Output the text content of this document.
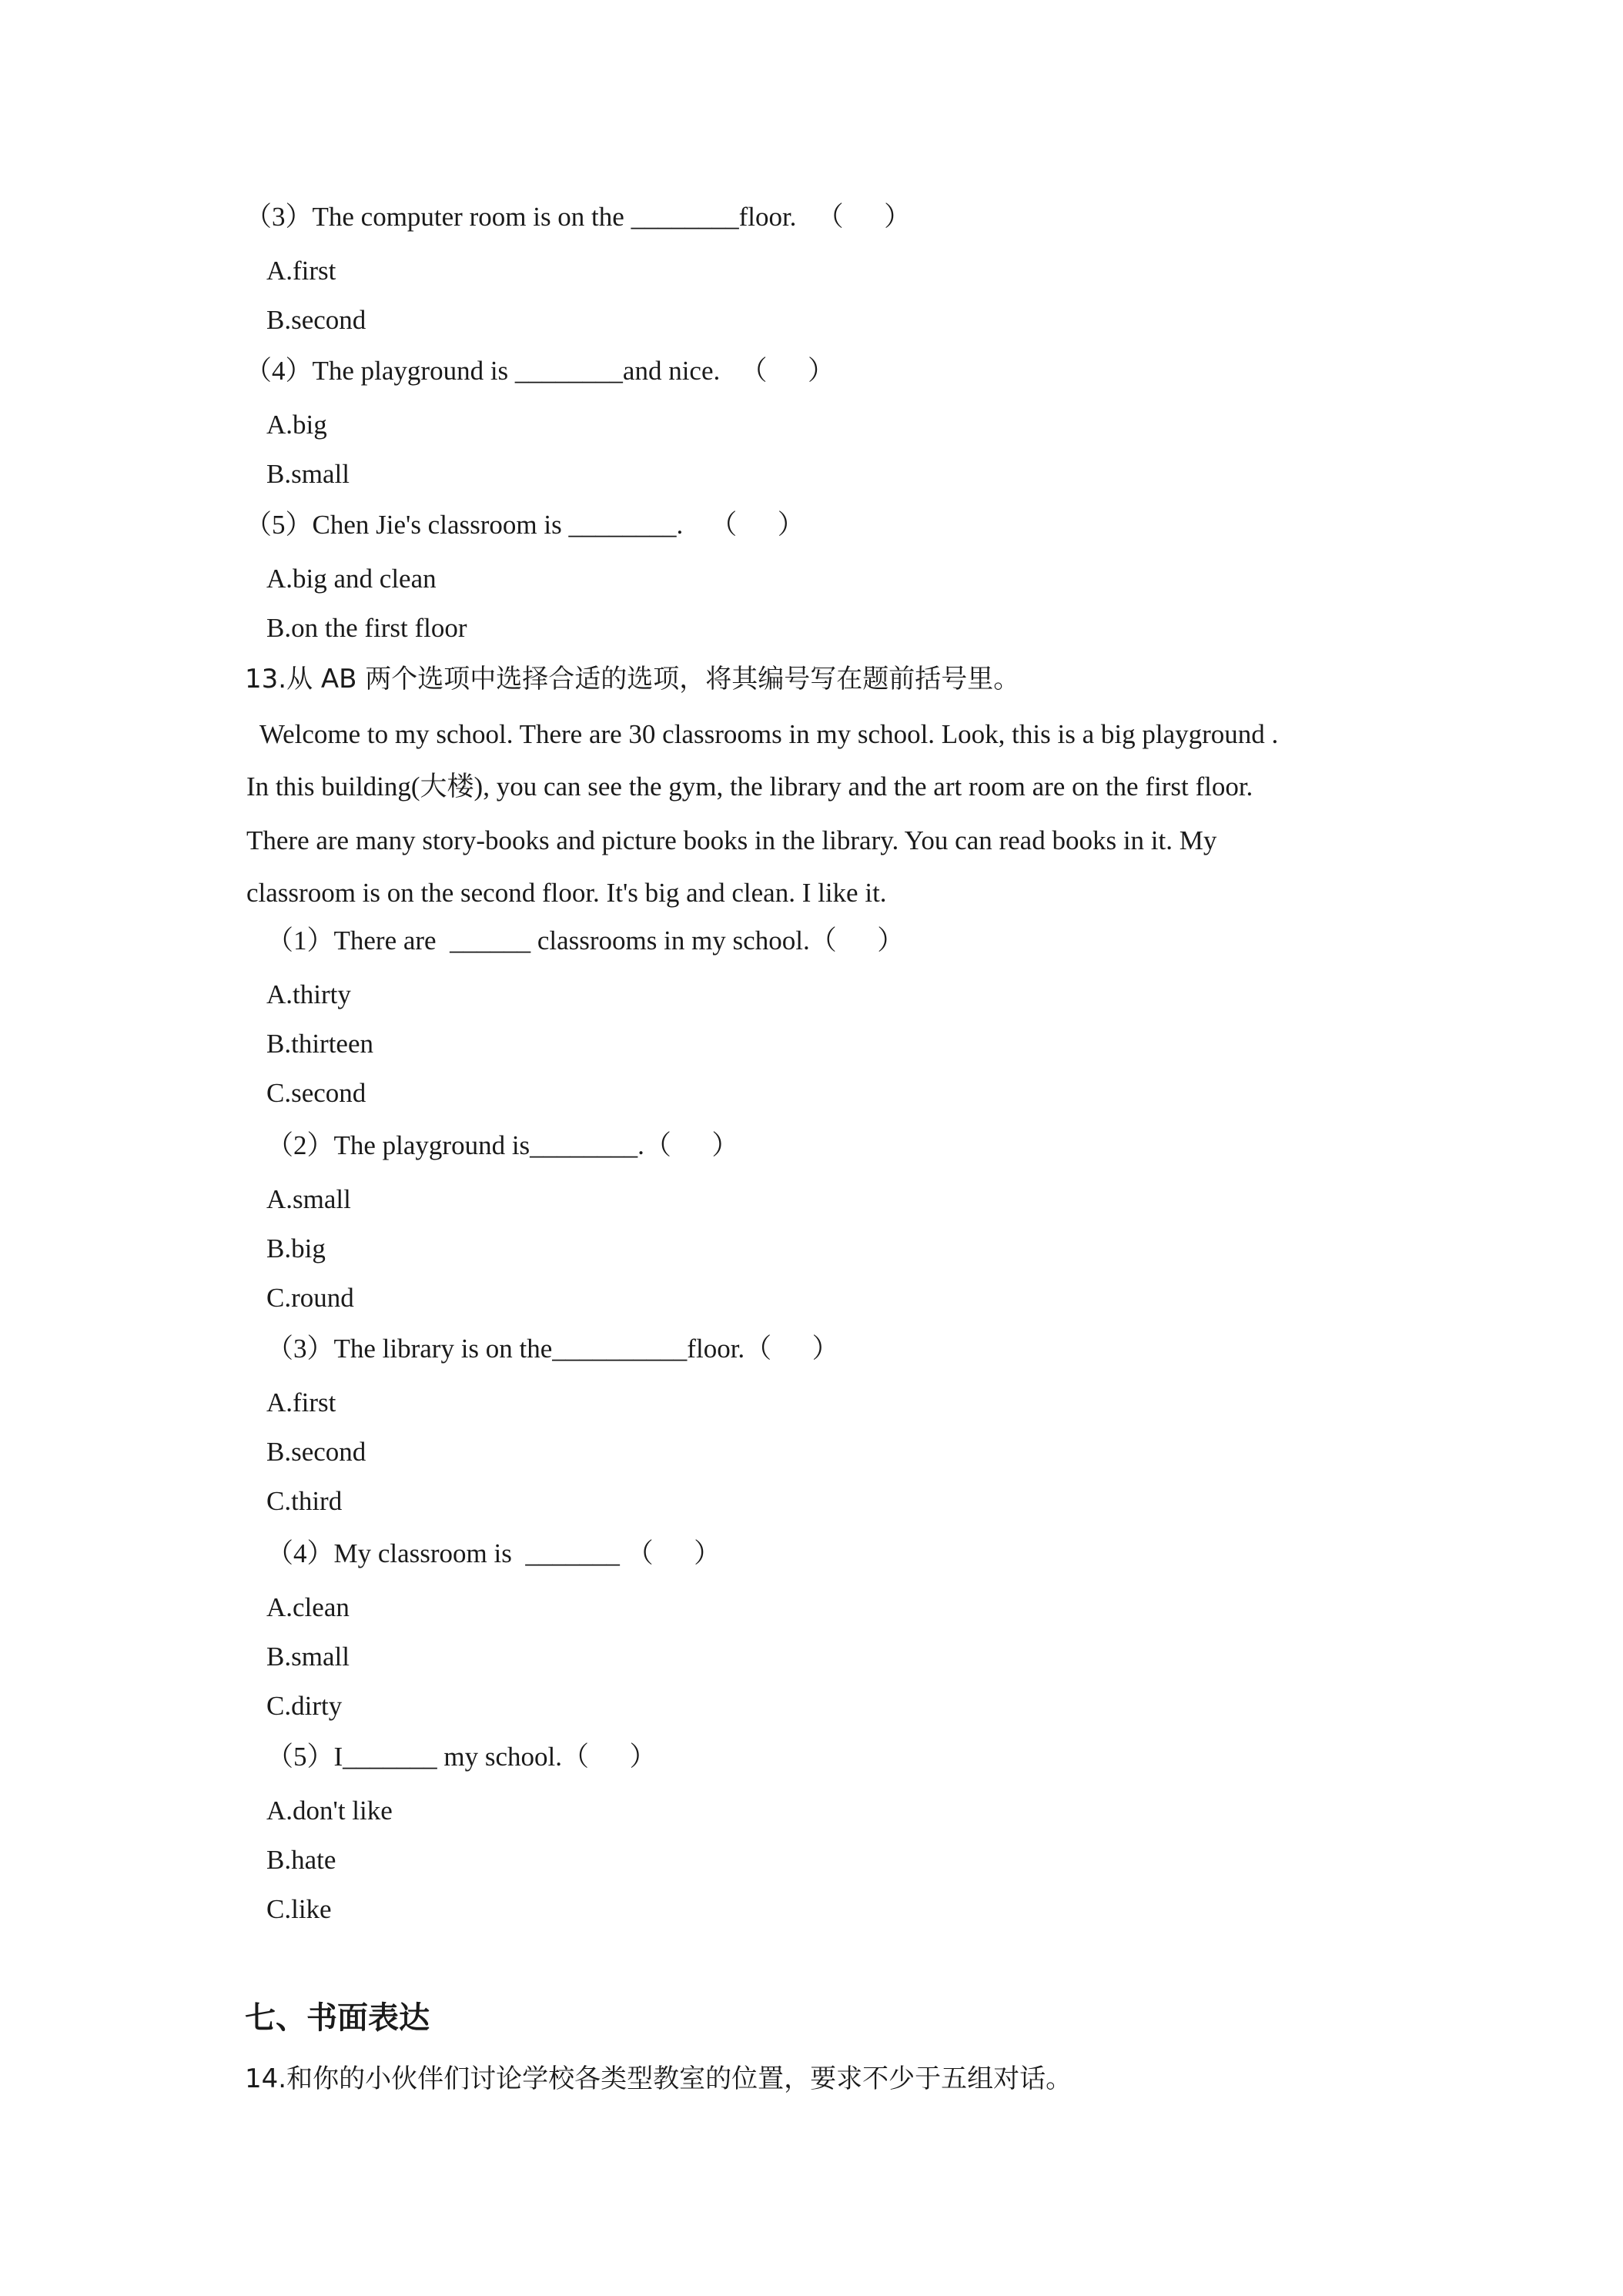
（3）The computer room is on the ________floor.   （      ）
A.first
B.second
（4）The playground is ________and nice.   （      ）
A.big
B.small
（5）Chen Jie's classroom is ________.    （      ）
A.big and clean
B.on the first floor
13.从 AB 两个选项中选择合适的选项，将其编号写在题前括号里。
Welcome to my school. There are 30 classrooms in my school. Look, this is a big playground .
In this building(大楼), you can see the gym, the library and the art room are on the first floor.
There are many story-books and picture books in the library. You can read books in it. My
classroom is on the second floor. It's big and clean. I like it.
（1）There are  ______ classrooms in my school.（      ）
A.thirty
B.thirteen
C.second
（2）The playground is________.（      ）
A.small
B.big
C.round
（3）The library is on the__________floor.（      ）
A.first
B.second
C.third
（4）My classroom is  _______ （      ）
A.clean
B.small
C.dirty
（5）I_______ my school.（      ）
A.don't like
B.hate
C.like
七、书面表达
14.和你的小伙伴们讨论学校各类型教室的位置，要求不少于五组对话。
